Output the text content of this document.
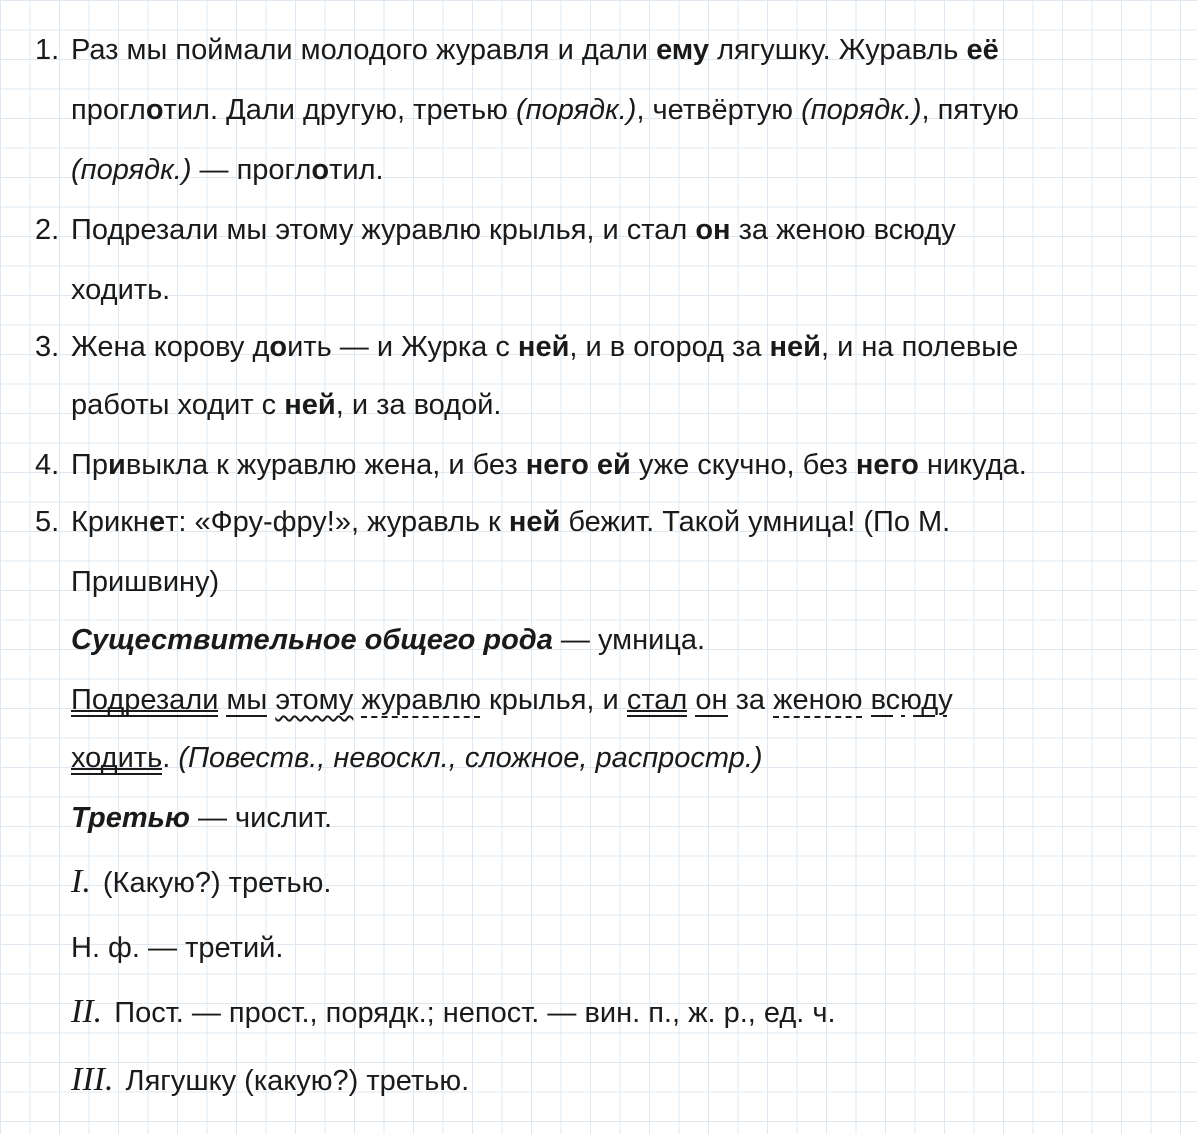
1. Раз мы поймали молодого журавля и дали ему лягушку. Журавль её
проглотил. Дали другую, третью (порядк.), четвёртую (порядк.), пятую
(порядк.) — проглотил.
2. Подрезали мы этому журавлю крылья, и стал он за женою всюду
ходить.
3. Жена корову доить — и Журка с ней, и в огород за ней, и на полевые
работы ходит с ней, и за водой.
4. Привыкла к журавлю жена, и без него ей уже скучно, без него никуда.
5. Крикнет: «Фру-фру!», журавль к ней бежит. Такой умница! (По М.
Пришвину)
Существительное общего рода — умница.
Подрезали мы этому журавлю крылья, и стал он за женою всюду
ходить. (Повеств., невоскл., сложное, распростр.)
Третью — числит.
I. (Какую?) третью.
Н. ф. — третий.
II. Пост. — прост., порядк.; непост. — вин. п., ж. р., ед. ч.
III. Лягушку (какую?) третью.
